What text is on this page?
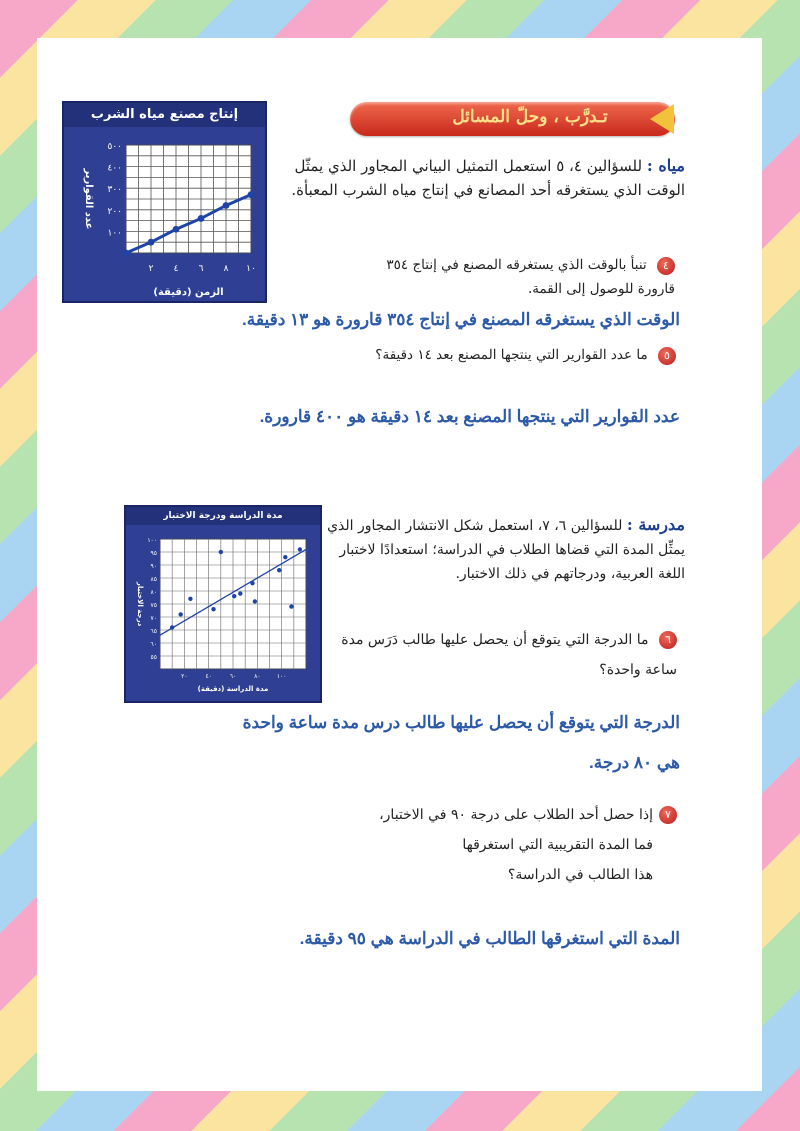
تـدرَّب ، وحلّ المسائل
إنتاج مصنع مياه الشرب
١٠٠
٢٠٠
٣٠٠
٤٠٠
٥٠٠
٢ ٤ ٦ ٨ ١٠
الزمن (دقيقة)
عدد القوارير
مياه : للسؤالين ٤، ٥ استعمل التمثيل البياني المجاور الذي يمثّل الوقت الذي يستغرقه أحد المصانع في إنتاج مياه الشرب المعبأة.
٤ تنبأ بالوقت الذي يستغرقه المصنع في إنتاج ٣٥٤ قارورة للوصول إلى القمة.
الوقت الذي يستغرقه المصنع في إنتاج ٣٥٤ قارورة هو ١٣ دقيقة.
٥ ما عدد القوارير التي ينتجها المصنع بعد ١٤ دقيقة؟
عدد القوارير التي ينتجها المصنع بعد ١٤ دقيقة هو ٤٠٠ قارورة.
مدة الدراسة ودرجة الاختبار
٥٥
٦٠
٦٥
٧٠
٧٥
٨٠
٨٥
٩٠
٩٥
١٠٠
٢٠	٤٠	٦٠	٨٠	١٠٠
مدة الدراسة (دقيقة)
درجة الاختبار
مدرسة : للسؤالين ٦، ٧، استعمل شكل الانتشار المجاور الذي يمثِّل المدة التي قضاها الطلاب في الدراسة؛ استعدادًا لاختبار اللغة العربية، ودرجاتهم في ذلك الاختبار.
٦ ما الدرجة التي يتوقع أن يحصل عليها طالب دَرَس مدة ساعة واحدة؟
الدرجة التي يتوقع أن يحصل عليها طالب درس مدة ساعة واحدة
هي ٨٠ درجة.
٧إذا حصل أحد الطلاب على درجة ٩٠ في الاختبار،
فما المدة التقريبية التي استغرقها
هذا الطالب في الدراسة؟
المدة التي استغرقها الطالب في الدراسة هي ٩٥ دقيقة.
